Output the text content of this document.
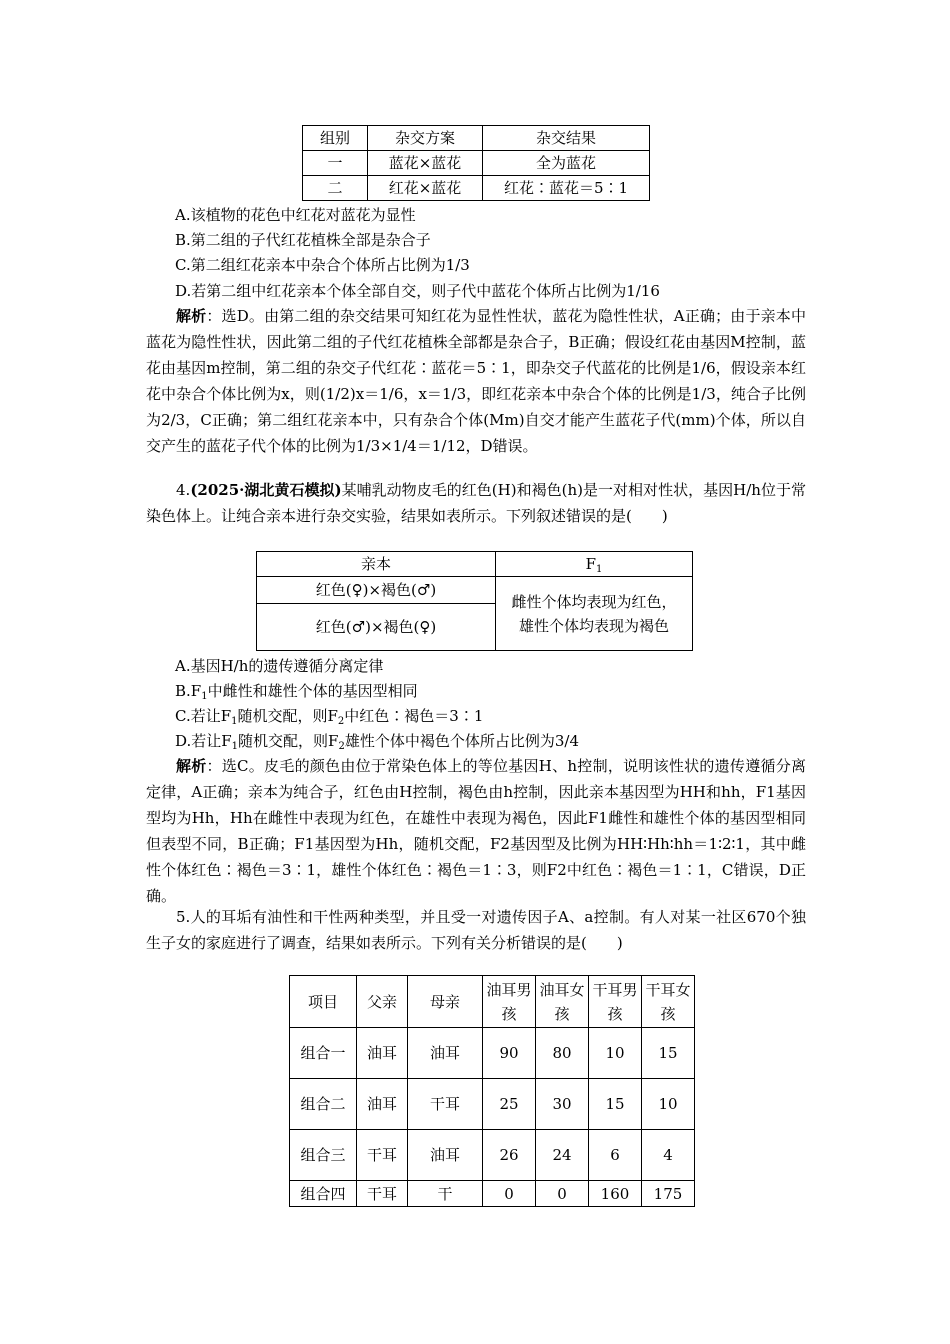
组别	杂交方案	杂交结果
一	蓝花×蓝花	全为蓝花
二	红花×蓝花	红花∶蓝花＝5∶1
A.该植物的花色中红花对蓝花为显性
B.第二组的子代红花植株全部是杂合子
C.第二组红花亲本中杂合个体所占比例为1/3
D.若第二组中红花亲本个体全部自交，则子代中蓝花个体所占比例为1/16
解析：选D。由第二组的杂交结果可知红花为显性性状，蓝花为隐性性状，A正确；由于亲本中蓝花为隐性性状，因此第二组的子代红花植株全部都是杂合子，B正确；假设红花由基因M控制，蓝花由基因m控制，第二组的杂交子代红花∶蓝花＝5∶1，即杂交子代蓝花的比例是1/6，假设亲本红花中杂合个体比例为x，则(1/2)x＝1/6，x＝1/3，即红花亲本中杂合个体的比例是1/3，纯合子比例为2/3，C正确；第二组红花亲本中，只有杂合个体(Mm)自交才能产生蓝花子代(mm)个体，所以自交产生的蓝花子代个体的比例为1/3×1/4＝1/12，D错误。
4.(2025·湖北黄石模拟)某哺乳动物皮毛的红色(H)和褐色(h)是一对相对性状，基因H/h位于常染色体上。让纯合亲本进行杂交实验，结果如表所示。下列叙述错误的是(　　)
亲本	$F_1$
红色(♀)×褐色(♂)	雌性个体均表现为红色，雄性个体均表现为褐色
红色(♂)×褐色(♀)	
A.基因H/h的遗传遵循分离定律
$B.F_1$中雌性和雄性个体的基因型相同
C.若让$F_1$随机交配，则$F_2$中红色∶褐色＝3∶1
D.若让$F_1$随机交配，则$F_2$雄性个体中褐色个体所占比例为3/4
解析：选C。皮毛的颜色由位于常染色体上的等位基因H、h控制，说明该性状的遗传遵循分离定律，A正确；亲本为纯合子，红色由H控制，褐色由h控制，因此亲本基因型为HH和hh，F1基因型均为Hh，Hh在雌性中表现为红色，在雄性中表现为褐色，因此F1雌性和雄性个体的基因型相同但表型不同，B正确；F1基因型为Hh，随机交配，F2基因型及比例为HH∶Hh∶hh＝1∶2∶1，其中雌性个体红色∶褐色＝3∶1，雄性个体红色∶褐色＝1∶3，则F2中红色∶褐色＝1∶1，C错误，D正确。
5.人的耳垢有油性和干性两种类型，并且受一对遗传因子A、a控制。有人对某一社区670个独生子女的家庭进行了调查，结果如表所示。下列有关分析错误的是(　　)
项目	父亲	母亲	油耳男孩	油耳女孩	干耳男孩	干耳女孩
组合一	油耳	油耳	90	80	10	15
组合二	油耳	干耳	25	30	15	10
组合三	干耳	油耳	26	24	6	4
组合四	干耳	干	0	0	160	175
